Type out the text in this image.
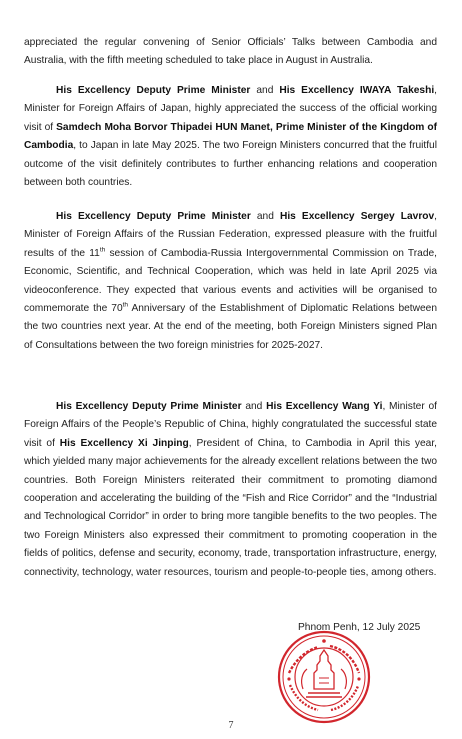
appreciated the regular convening of Senior Officials’ Talks between Cambodia and Australia, with the fifth meeting scheduled to take place in August in Australia.

His Excellency Deputy Prime Minister and His Excellency IWAYA Takeshi, Minister for Foreign Affairs of Japan, highly appreciated the success of the official working visit of Samdech Moha Borvor Thipadei HUN Manet, Prime Minister of the Kingdom of Cambodia, to Japan in late May 2025. The two Foreign Ministers concurred that the fruitful outcome of the visit definitely contributes to further enhancing relations and cooperation between both countries.

His Excellency Deputy Prime Minister and His Excellency Sergey Lavrov, Minister of Foreign Affairs of the Russian Federation, expressed pleasure with the fruitful results of the 11th session of Cambodia-Russia Intergovernmental Commission on Trade, Economic, Scientific, and Technical Cooperation, which was held in late April 2025 via videoconference. They expected that various events and activities will be organised to commemorate the 70th Anniversary of the Establishment of Diplomatic Relations between the two countries next year. At the end of the meeting, both Foreign Ministers signed Plan of Consultations between the two foreign ministries for 2025-2027.

His Excellency Deputy Prime Minister and His Excellency Wang Yi, Minister of Foreign Affairs of the People’s Republic of China, highly congratulated the successful state visit of His Excellency Xi Jinping, President of China, to Cambodia in April this year, which yielded many major achievements for the already excellent relations between the two countries. Both Foreign Ministers reiterated their commitment to promoting diamond cooperation and accelerating the building of the “Fish and Rice Corridor” and the “Industrial and Technological Corridor” in order to bring more tangible benefits to the two peoples. The two Foreign Ministers also expressed their commitment to promoting cooperation in the fields of politics, defense and security, economy, trade, transportation infrastructure, energy, connectivity, technology, water resources, tourism and people-to-people ties, among others.

Phnom Penh, 12 July 2025
7
